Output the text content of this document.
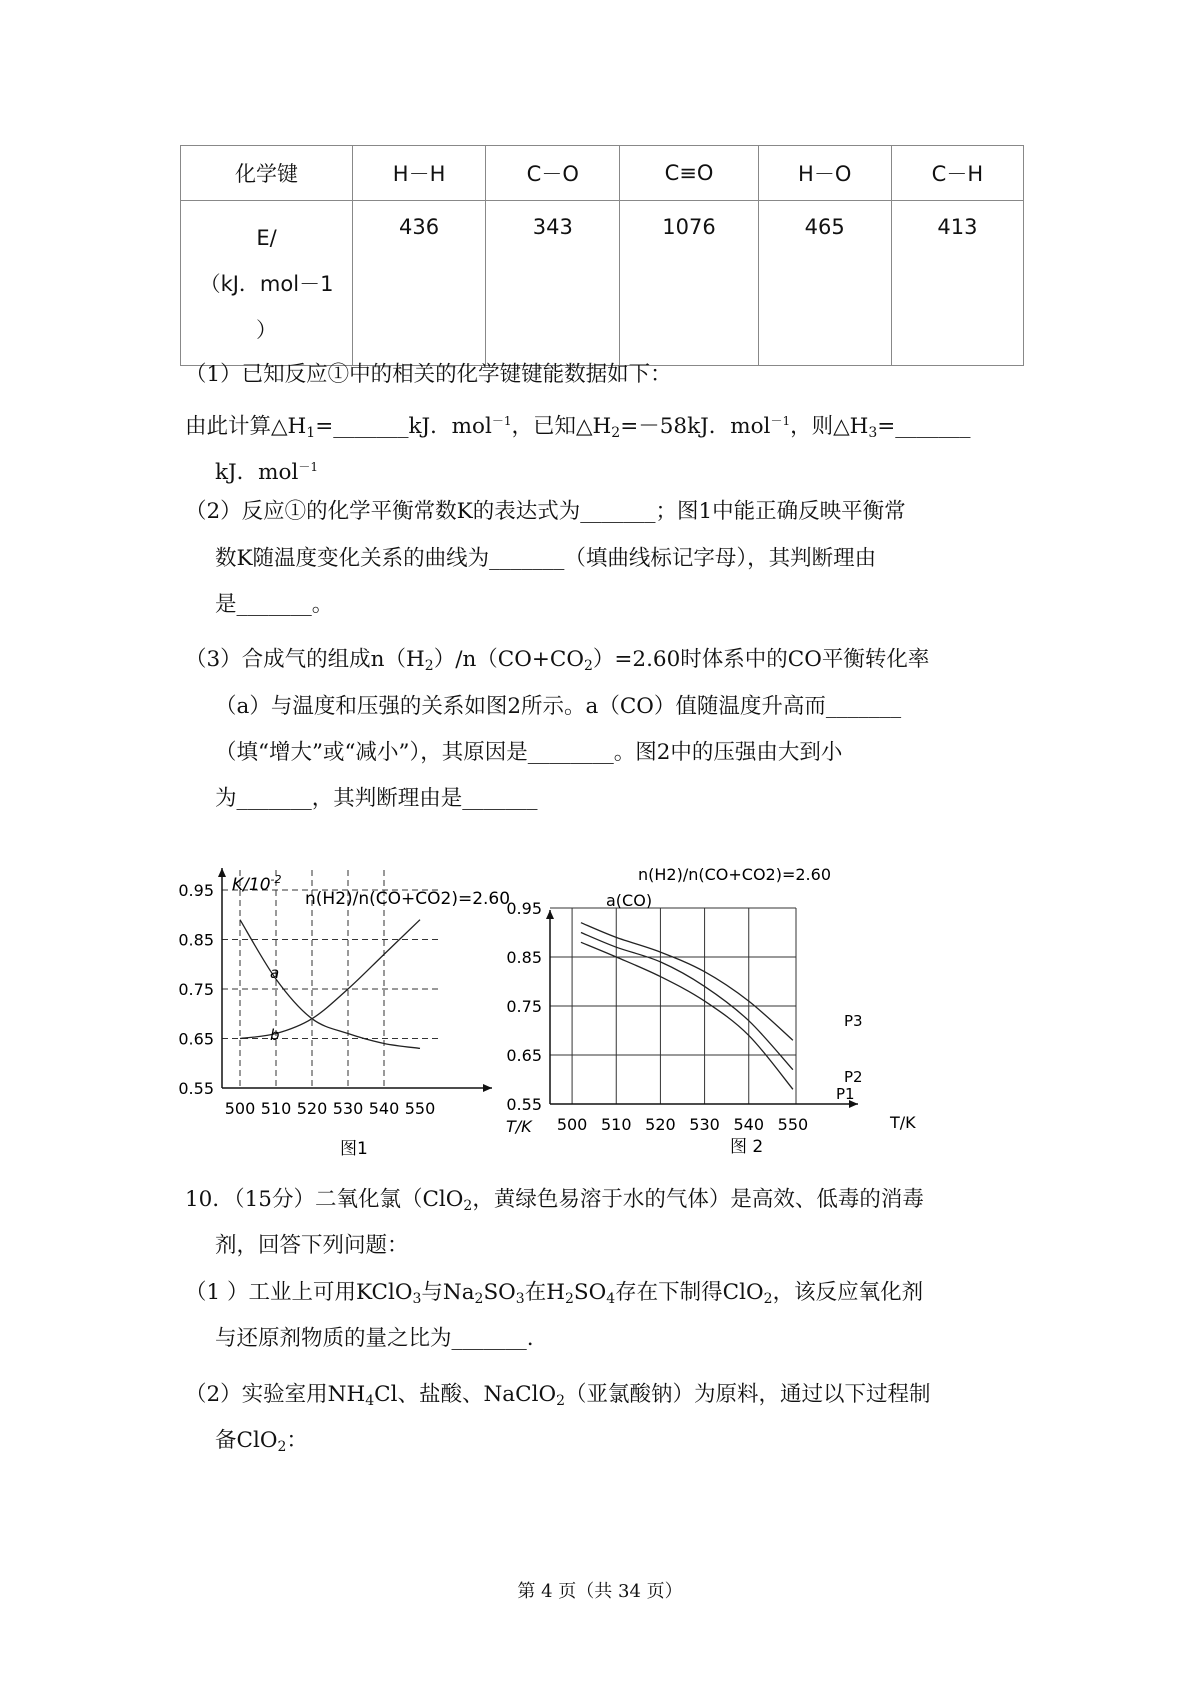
化学键	H－H	C－O	C≡O	H－O	C－H

E/
（kJ．mol－1
）	436	343	1076	465	413
（1）已知反应①中的相关的化学键键能数据如下：
由此计算$\triangle H_1=\_\_\_\_\_\_\_kJ$．mol$^{-1}$，已知$\triangle H_2=-58kJ$．mol$^{-1}$，则$\triangle H_3=\_\_\_\_\_\_\_$
kJ．mol$^{-1}$
（2）反应①的化学平衡常数K的表达式为_______；图1中能正确反映平衡常
数K随温度变化关系的曲线为_______（填曲线标记字母），其判断理由
是_______。
（3）合成气的组成$n(H_2)/n(CO+CO_2)=2.60$时体系中的CO平衡转化率
（a）与温度和压强的关系如图2所示。a（CO）值随温度升高而_______
（填“增大”或“减小”），其原因是________。图2中的压强由大到小
为_______，其判断理由是_______
0.55
0.65
0.75
0.85
0.95
500 510 520 530 540 550
$K/10^{-2}$
n(H2)/n(CO+CO2)=2.60
T/K
a
b
图1
0.55
0.65
0.75
0.85
0.95
500 510 520 530 540 550
n(H2)/n(CO+CO2)=2.60
a(CO)
T/K
P3
P2
P1
图 2
10．（15分）二氧化氯（ClO$_2$，黄绿色易溶于水的气体）是高效、低毒的消毒
剂，回答下列问题：
（1 ）工业上可用KClO$_3$与$Na_2SO_3$在$H_2SO_4$存在下制得ClO$_2$，该反应氧化剂
与还原剂物质的量之比为_______.
（2）实验室用$NH_4Cl$、盐酸、NaClO$_2$（亚氯酸钠）为原料，通过以下过程制
备ClO$_2$：
第 4 页（共 34 页）
